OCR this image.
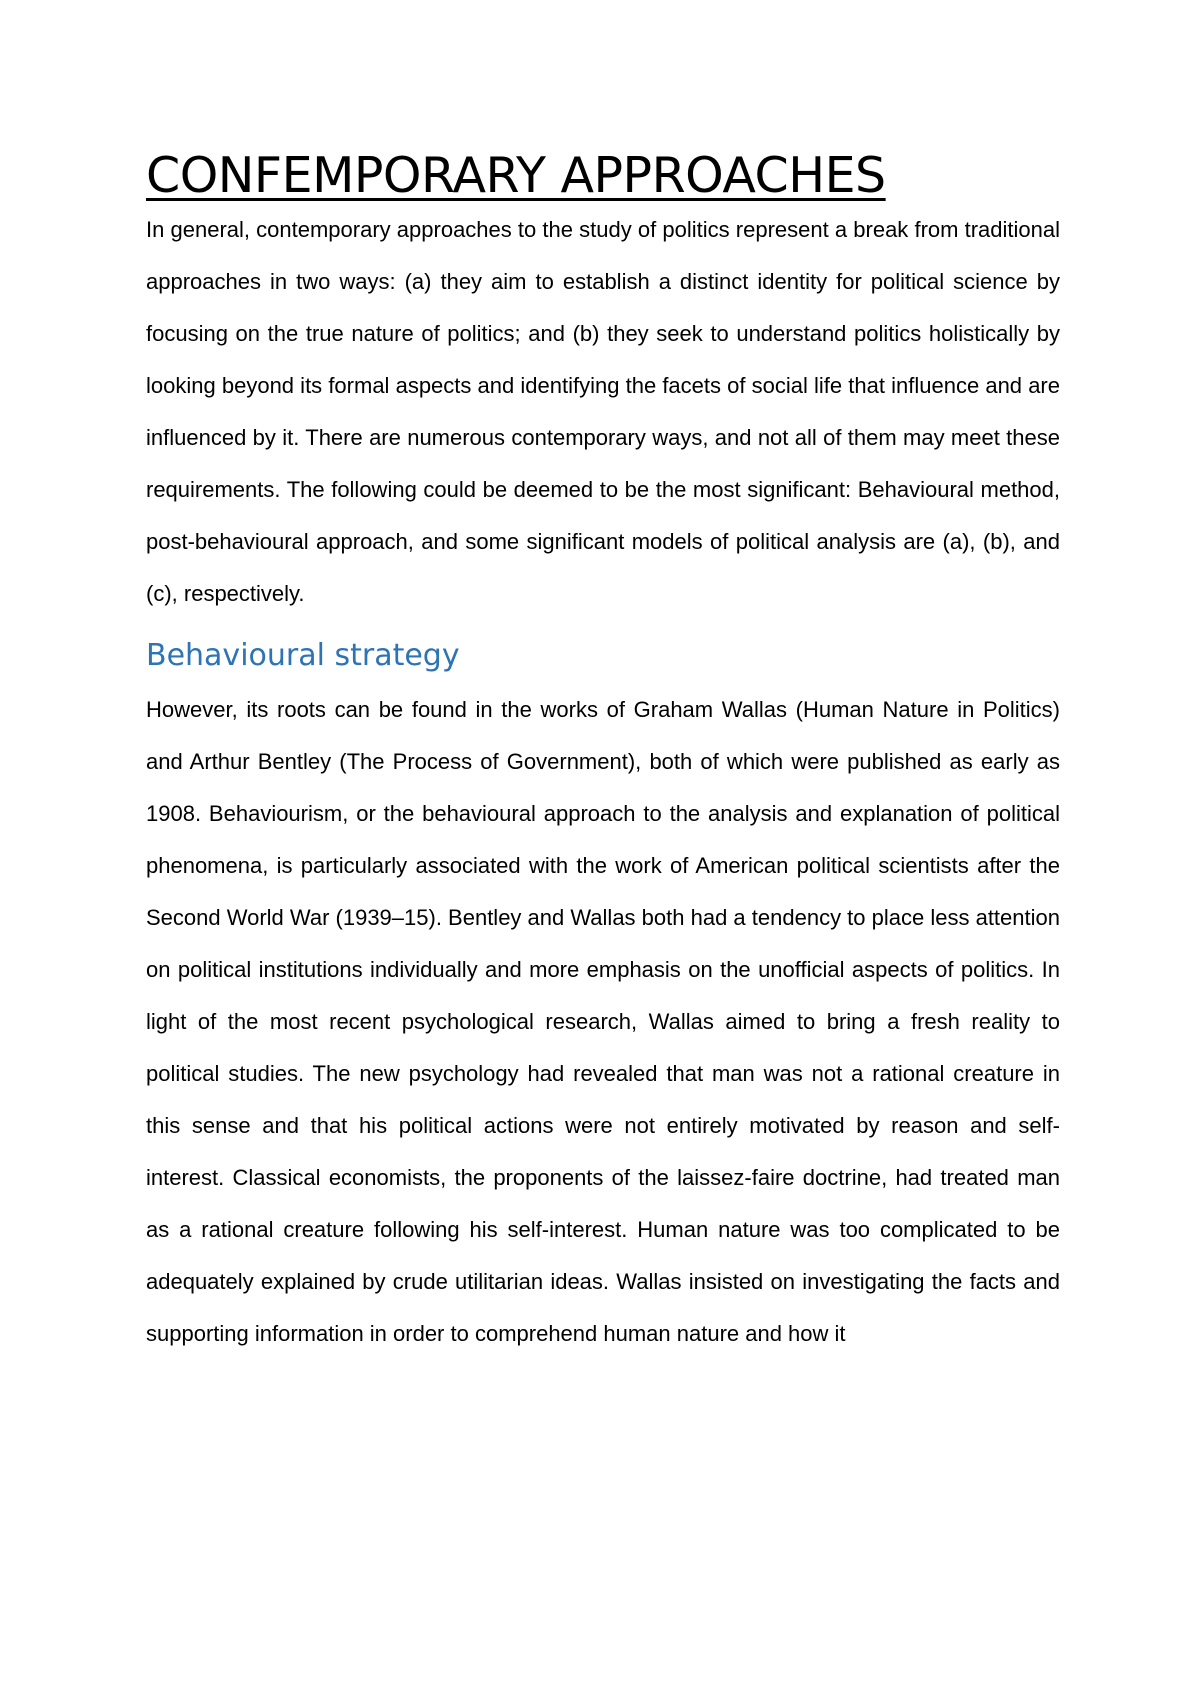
CONFEMPORARY APPROACHES

In general, contemporary approaches to the study of politics represent a break from traditional approaches in two ways: (a) they aim to establish a distinct identity for political science by focusing on the true nature of politics; and (b) they seek to understand politics holistically by looking beyond its formal aspects and identifying the facets of social life that influence and are influenced by it. There are numerous contemporary ways, and not all of them may meet these requirements. The following could be deemed to be the most significant: Behavioural method, post-behavioural approach, and some significant models of political analysis are (a), (b), and (c), respectively.

Behavioural strategy

However, its roots can be found in the works of Graham Wallas (Human Nature in Politics) and Arthur Bentley (The Process of Government), both of which were published as early as 1908. Behaviourism, or the behavioural approach to the analysis and explanation of political phenomena, is particularly associated with the work of American political scientists after the Second World War (1939–15). Bentley and Wallas both had a tendency to place less attention on political institutions individually and more emphasis on the unofficial aspects of politics. In light of the most recent psychological research, Wallas aimed to bring a fresh reality to political studies. The new psychology had revealed that man was not a rational creature in this sense and that his political actions were not entirely motivated by reason and self-interest. Classical economists, the proponents of the laissez-faire doctrine, had treated man as a rational creature following his self-interest. Human nature was too complicated to be adequately explained by crude utilitarian ideas. Wallas insisted on investigating the facts and supporting information in order to comprehend human nature and how it
